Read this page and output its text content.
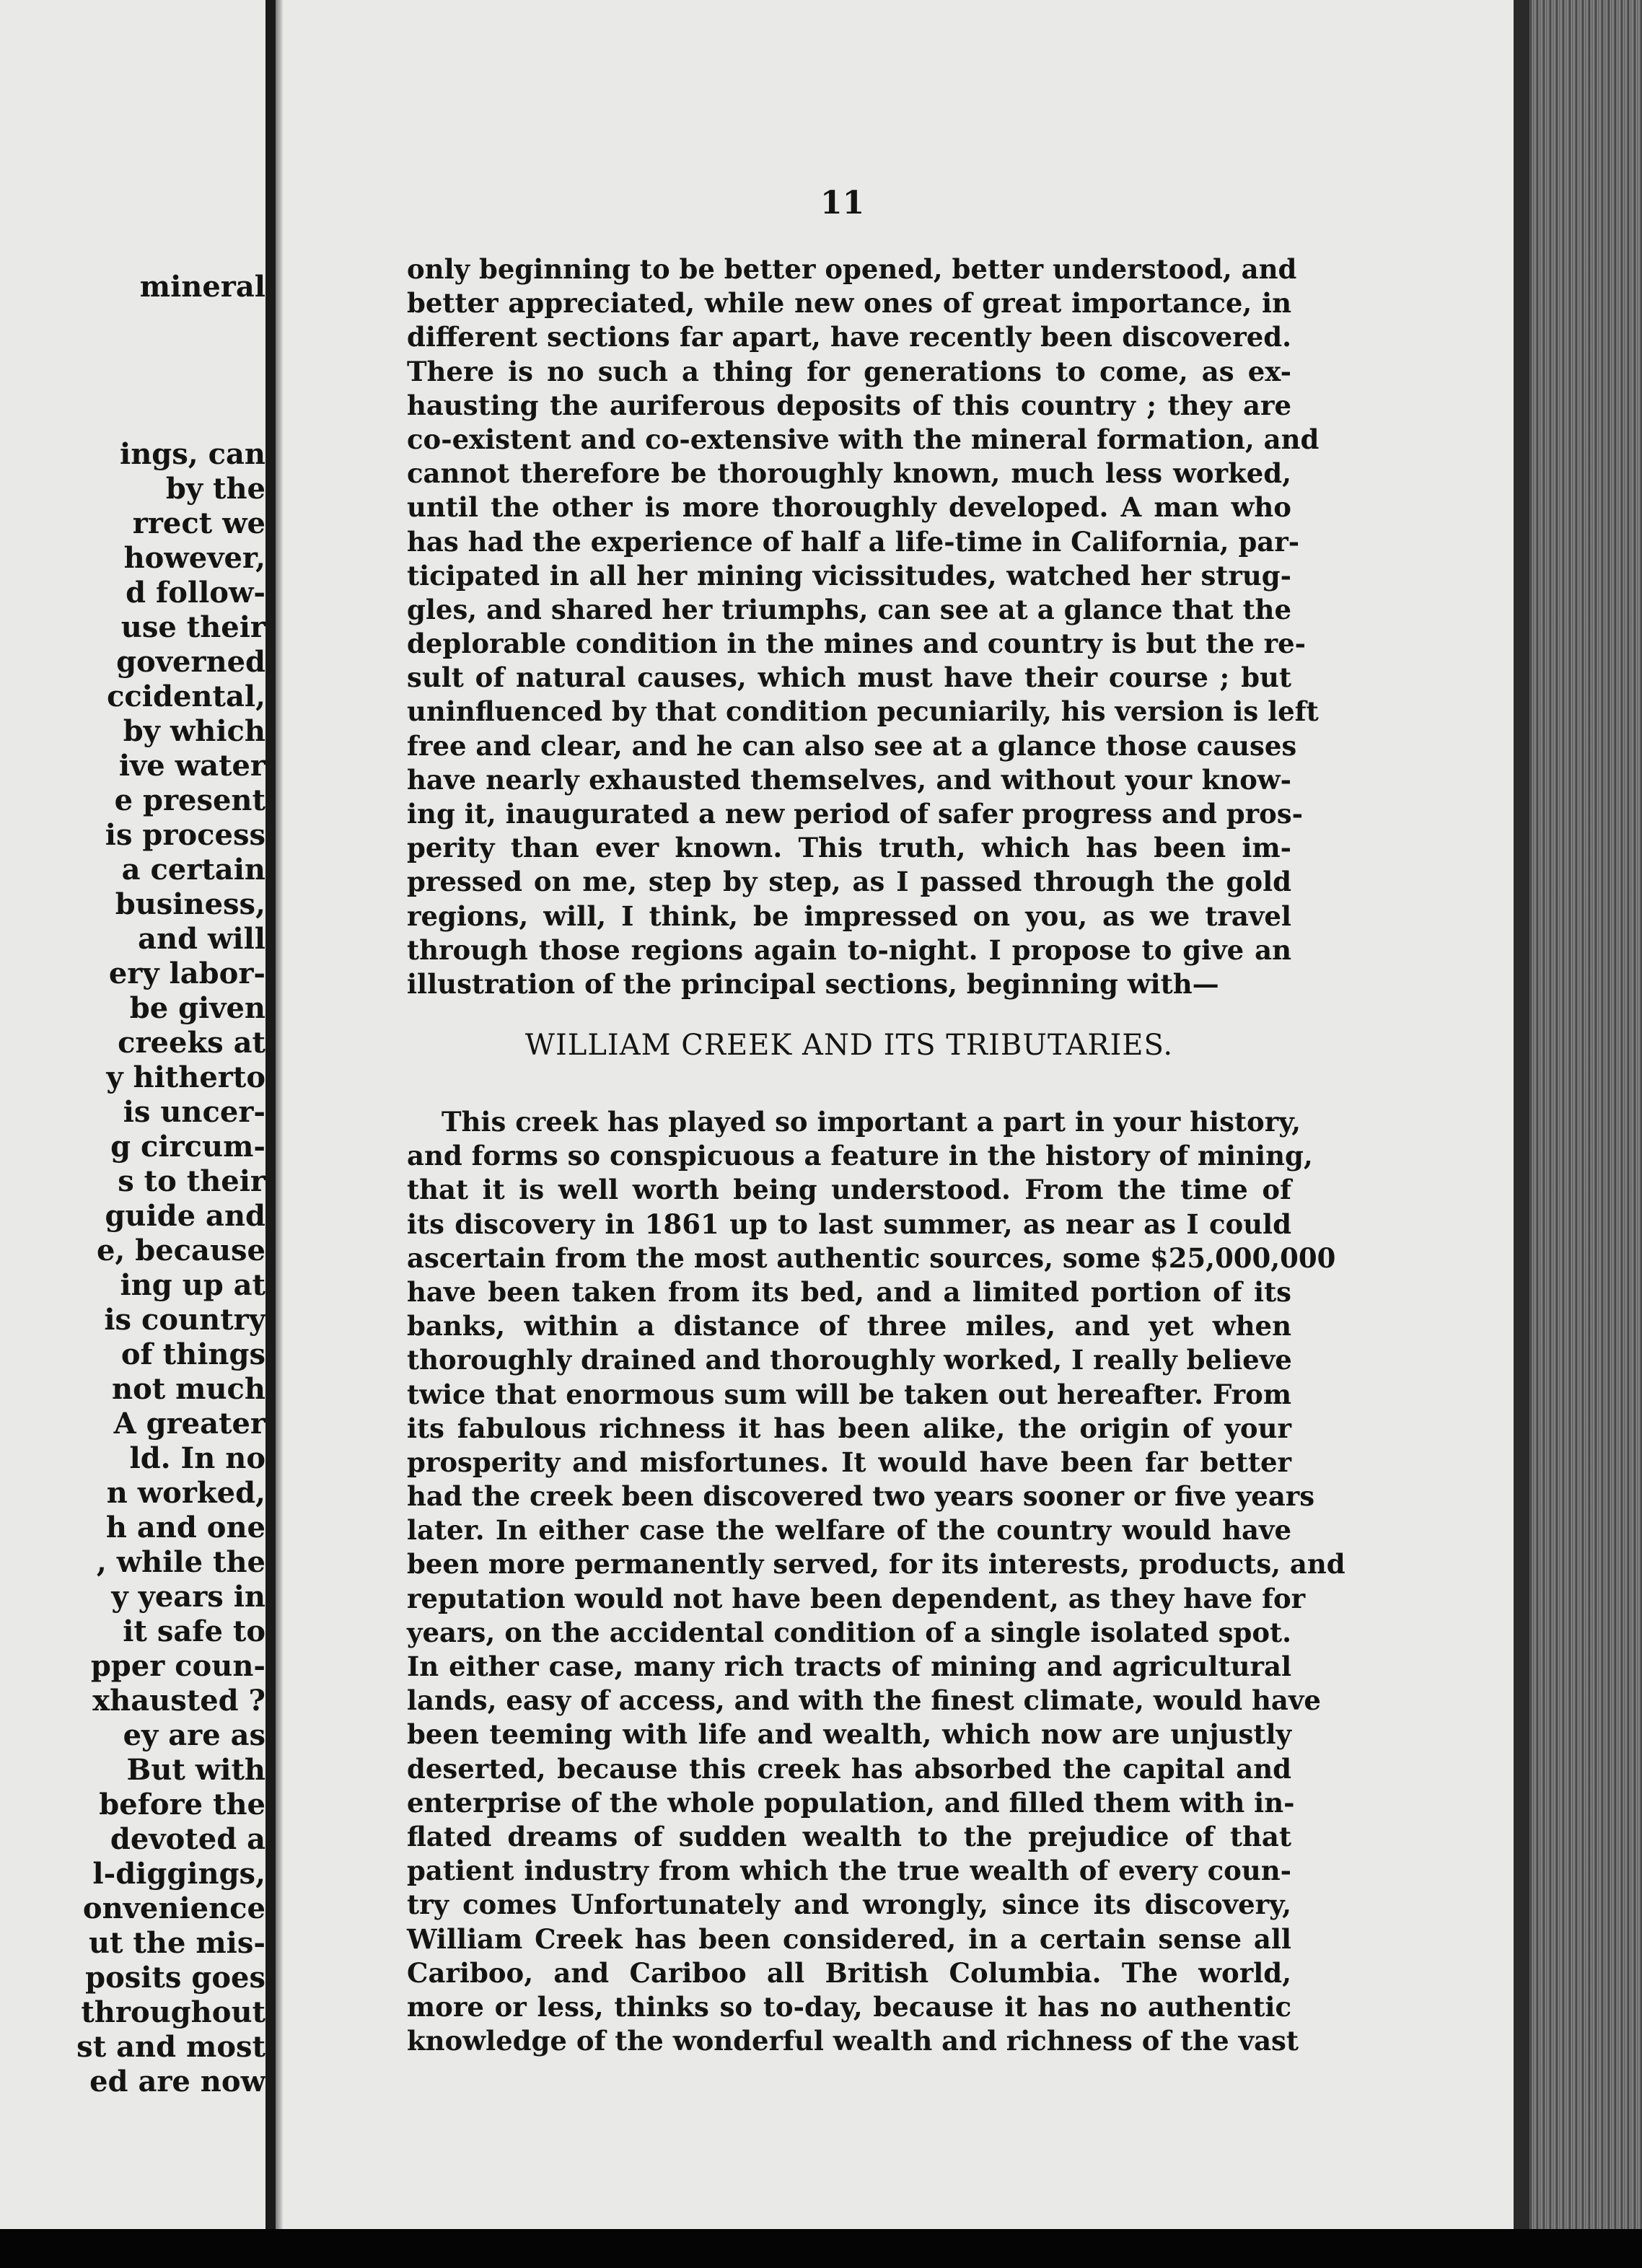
mineral
ings, can
by the
rrect we
however,
d follow-
use their
governed
ccidental,
by which
ive water
e present
is process
a certain
business,
and will
ery labor-
be given
creeks at
y hitherto
is uncer-
g circum-
s to their
guide and
e, because
ing up at
is country
of things
not much
A greater
ld. In no
n worked,
h and one
, while the
y years in
it safe to
pper coun-
xhausted ?
ey are as
But with
before the
devoted a
l-diggings,
onvenience
ut the mis-
posits goes
throughout
st and most
ed are now
11
only beginning to be better opened, better understood, and
better appreciated, while new ones of great importance, in
different sections far apart, have recently been discovered.
There is no such a thing for generations to come, as ex-
hausting the auriferous deposits of this country ; they are
co-existent and co-extensive with the mineral formation, and
cannot therefore be thoroughly known, much less worked,
until the other is more thoroughly developed. A man who
has had the experience of half a life-time in California, par-
ticipated in all her mining vicissitudes, watched her strug-
gles, and shared her triumphs, can see at a glance that the
deplorable condition in the mines and country is but the re-
sult of natural causes, which must have their course ; but
uninfluenced by that condition pecuniarily, his version is left
free and clear, and he can also see at a glance those causes
have nearly exhausted themselves, and without your know-
ing it, inaugurated a new period of safer progress and pros-
perity than ever known. This truth, which has been im-
pressed on me, step by step, as I passed through the gold
regions, will, I think, be impressed on you, as we travel
through those regions again to-night. I propose to give an
illustration of the principal sections, beginning with—
WILLIAM CREEK AND ITS TRIBUTARIES.
This creek has played so important a part in your history,
and forms so conspicuous a feature in the history of mining,
that it is well worth being understood. From the time of
its discovery in 1861 up to last summer, as near as I could
ascertain from the most authentic sources, some $25,000,000
have been taken from its bed, and a limited portion of its
banks, within a distance of three miles, and yet when
thoroughly drained and thoroughly worked, I really believe
twice that enormous sum will be taken out hereafter. From
its fabulous richness it has been alike, the origin of your
prosperity and misfortunes. It would have been far better
had the creek been discovered two years sooner or five years
later. In either case the welfare of the country would have
been more permanently served, for its interests, products, and
reputation would not have been dependent, as they have for
years, on the accidental condition of a single isolated spot.
In either case, many rich tracts of mining and agricultural
lands, easy of access, and with the finest climate, would have
been teeming with life and wealth, which now are unjustly
deserted, because this creek has absorbed the capital and
enterprise of the whole population, and filled them with in-
flated dreams of sudden wealth to the prejudice of that
patient industry from which the true wealth of every coun-
try comes Unfortunately and wrongly, since its discovery,
William Creek has been considered, in a certain sense all
Cariboo, and Cariboo all British Columbia. The world,
more or less, thinks so to-day, because it has no authentic
knowledge of the wonderful wealth and richness of the vast
